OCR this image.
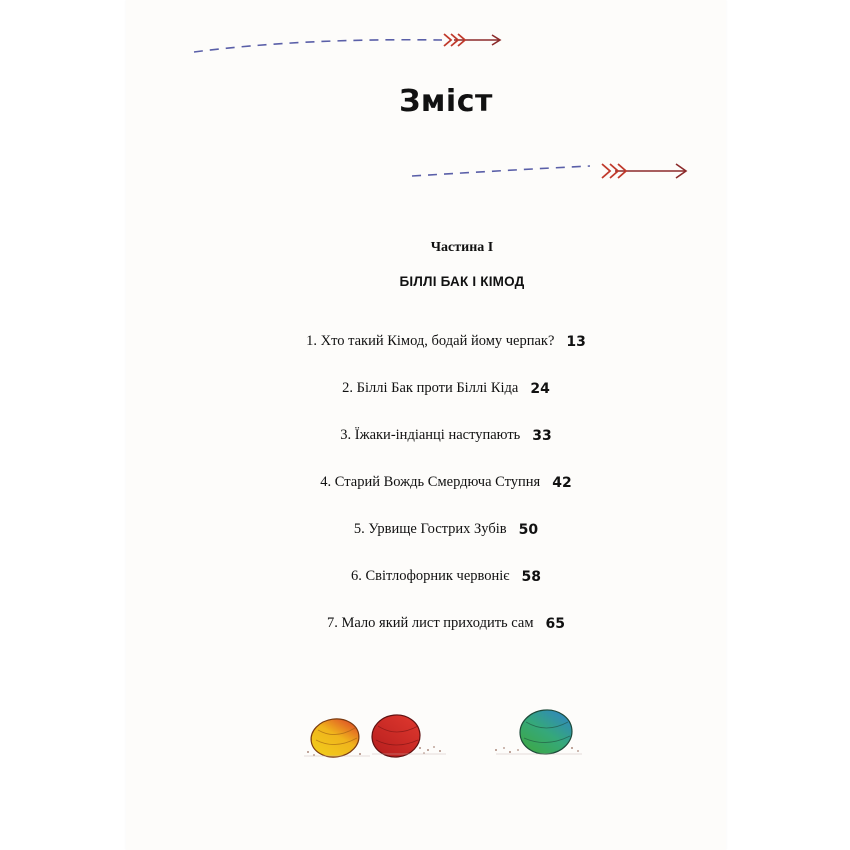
Зміст
Частина І
БІЛЛІ БАК І КІМОД
1. Хто такий Кімод, бодай йому черпак? 13
2. Біллі Бак проти Біллі Кіда 24
3. Їжаки-індіанці наступають 33
4. Старий Вождь Смердюча Ступня 42
5. Урвище Гострих Зубів 50
6. Світлофорник червоніє 58
7. Мало який лист приходить сам 65
